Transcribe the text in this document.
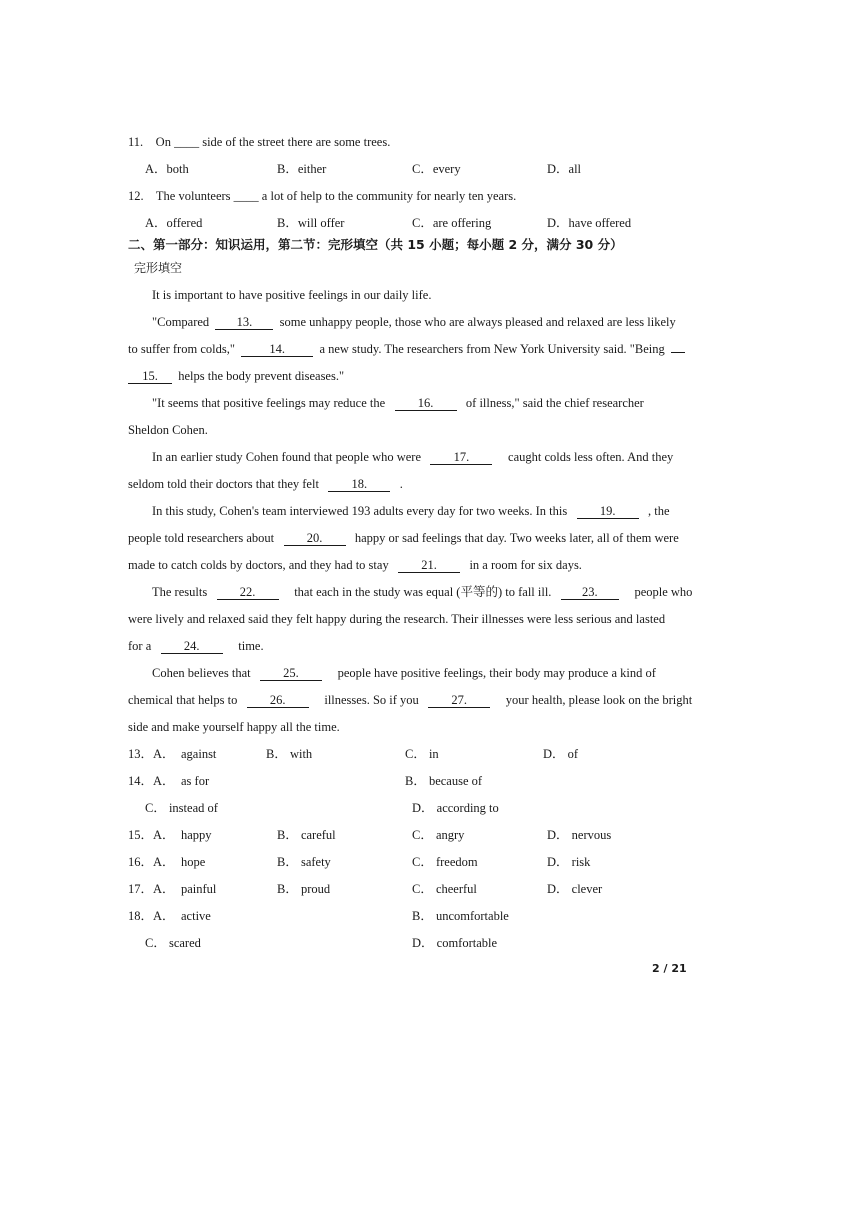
11. On ____ side of the street there are some trees.
A．both	B．either	C．every	D．all
12. The volunteers ____ a lot of help to the community for nearly ten years.
A．offered	B．will offer	C．are offering	D．have offered
二、第一部分：知识运用，第二节：完形填空（共 15 小题；每小题 2 分，满分 30 分）
完形填空
It is important to have positive feelings in our daily life.
"Compared 13. some unhappy people, those who are always pleased and relaxed are less likely
to suffer from colds,"	14.	a new study. The researchers from New York University said. "Being
15. helps the body prevent diseases."
"It seems that positive feelings may reduce the	16.	of illness," said the chief researcher
Sheldon Cohen.
In an earlier study Cohen found that people who were	17.	caught colds less often. And they
seldom told their doctors that they felt	18.	.
In this study, Cohen's team interviewed 193 adults every day for two weeks. In this	19.	, the
people told researchers about	20.	happy or sad feelings that day. Two weeks later, all of them were
made to catch colds by doctors, and they had to stay	21.	in a room for six days.
The results	22.	that each in the study was equal (平等的) to fall ill. 23.	people who
were lively and relaxed said they felt happy during the research. Their illnesses were less serious and lasted
for a	24.	time.
Cohen believes that	25.	people have positive feelings, their body may produce a kind of
chemical that helps to	26.	illnesses. So if you	27.	your health, please look on the bright
side and make yourself happy all the time.
13．A． against	B． with	C． in	D． of
14．A． as for	B． because of
C． instead of	D． according to
15．A． happy	B． careful	C． angry	D． nervous
16．A． hope	B． safety	C． freedom	D． risk
17．A． painful	B． proud	C． cheerful	D． clever
18．A． active	B． uncomfortable
C． scared	D． comfortable
2 / 21
